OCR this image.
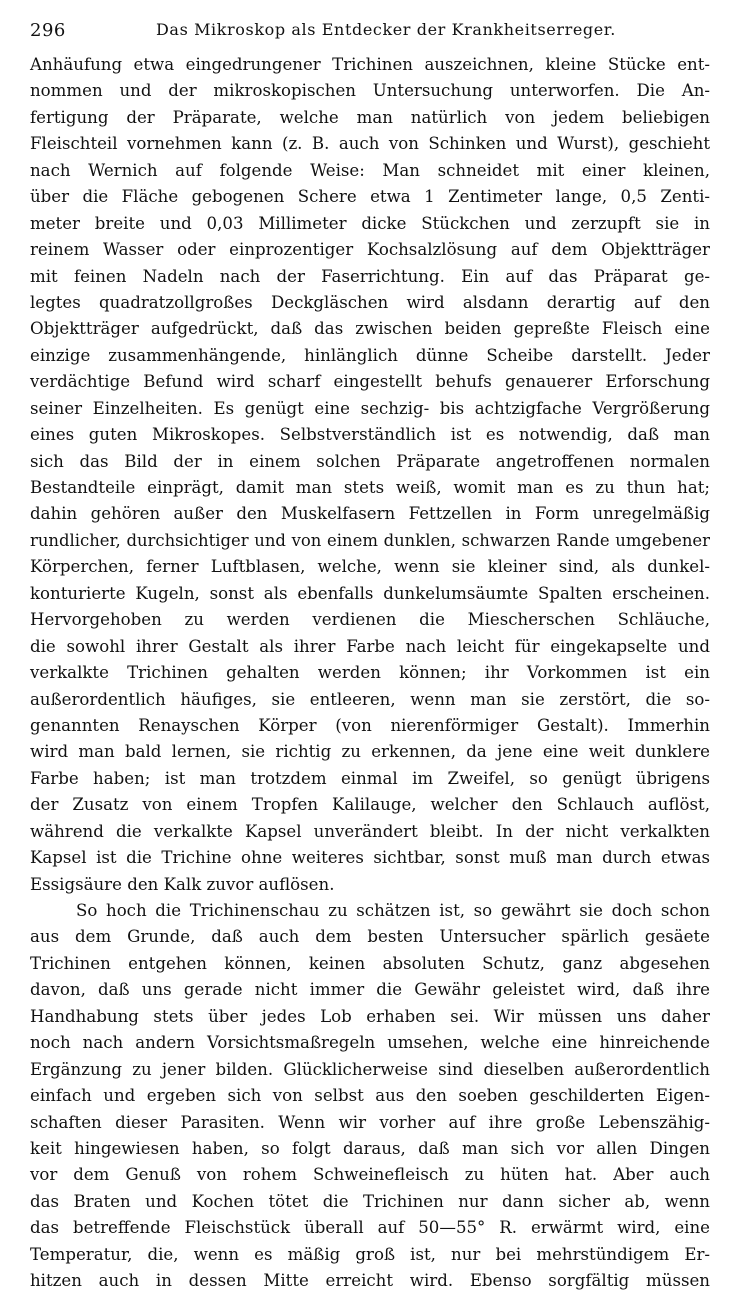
296	Das Mikroskop als Entdecker der Krankheitserreger.
Anhäufung etwa eingedrungener Trichinen auszeichnen, kleine Stücke ent-
nommen und der mikroskopischen Untersuchung unterworfen. Die An-
fertigung der Präparate, welche man natürlich von jedem beliebigen
Fleischteil vornehmen kann (z. B. auch von Schinken und Wurst), geschieht
nach Wernich auf folgende Weise: Man schneidet mit einer kleinen,
über die Fläche gebogenen Schere etwa 1 Zentimeter lange, 0,5 Zenti-
meter breite und 0,03 Millimeter dicke Stückchen und zerzupft sie in
reinem Wasser oder einprozentiger Kochsalzlösung auf dem Objektträger
mit feinen Nadeln nach der Faserrichtung. Ein auf das Präparat ge-
legtes quadratzollgroßes Deckgläschen wird alsdann derartig auf den
Objektträger aufgedrückt, daß das zwischen beiden gepreßte Fleisch eine
einzige zusammenhängende, hinlänglich dünne Scheibe darstellt. Jeder
verdächtige Befund wird scharf eingestellt behufs genauerer Erforschung
seiner Einzelheiten. Es genügt eine sechzig- bis achtzigfache Vergrößerung
eines guten Mikroskopes. Selbstverständlich ist es notwendig, daß man
sich das Bild der in einem solchen Präparate angetroffenen normalen
Bestandteile einprägt, damit man stets weiß, womit man es zu thun hat;
dahin gehören außer den Muskelfasern Fettzellen in Form unregelmäßig
rundlicher, durchsichtiger und von einem dunklen, schwarzen Rande umgebener
Körperchen, ferner Luftblasen, welche, wenn sie kleiner sind, als dunkel-
konturierte Kugeln, sonst als ebenfalls dunkelumsäumte Spalten erscheinen.
Hervorgehoben zu werden verdienen die Miescherschen Schläuche,
die sowohl ihrer Gestalt als ihrer Farbe nach leicht für eingekapselte und
verkalkte Trichinen gehalten werden können; ihr Vorkommen ist ein
außerordentlich häufiges, sie entleeren, wenn man sie zerstört, die so-
genannten Renayschen Körper (von nierenförmiger Gestalt). Immerhin
wird man bald lernen, sie richtig zu erkennen, da jene eine weit dunklere
Farbe haben; ist man trotzdem einmal im Zweifel, so genügt übrigens
der Zusatz von einem Tropfen Kalilauge, welcher den Schlauch auflöst,
während die verkalkte Kapsel unverändert bleibt. In der nicht verkalkten
Kapsel ist die Trichine ohne weiteres sichtbar, sonst muß man durch etwas
Essigsäure den Kalk zuvor auflösen.
So hoch die Trichinenschau zu schätzen ist, so gewährt sie doch schon
aus dem Grunde, daß auch dem besten Untersucher spärlich gesäete
Trichinen entgehen können, keinen absoluten Schutz, ganz abgesehen
davon, daß uns gerade nicht immer die Gewähr geleistet wird, daß ihre
Handhabung stets über jedes Lob erhaben sei. Wir müssen uns daher
noch nach andern Vorsichtsmaßregeln umsehen, welche eine hinreichende
Ergänzung zu jener bilden. Glücklicherweise sind dieselben außerordentlich
einfach und ergeben sich von selbst aus den soeben geschilderten Eigen-
schaften dieser Parasiten. Wenn wir vorher auf ihre große Lebenszähig-
keit hingewiesen haben, so folgt daraus, daß man sich vor allen Dingen
vor dem Genuß von rohem Schweinefleisch zu hüten hat. Aber auch
das Braten und Kochen tötet die Trichinen nur dann sicher ab, wenn
das betreffende Fleischstück überall auf 50—55° R. erwärmt wird, eine
Temperatur, die, wenn es mäßig groß ist, nur bei mehrstündigem Er-
hitzen auch in dessen Mitte erreicht wird. Ebenso sorgfältig müssen
